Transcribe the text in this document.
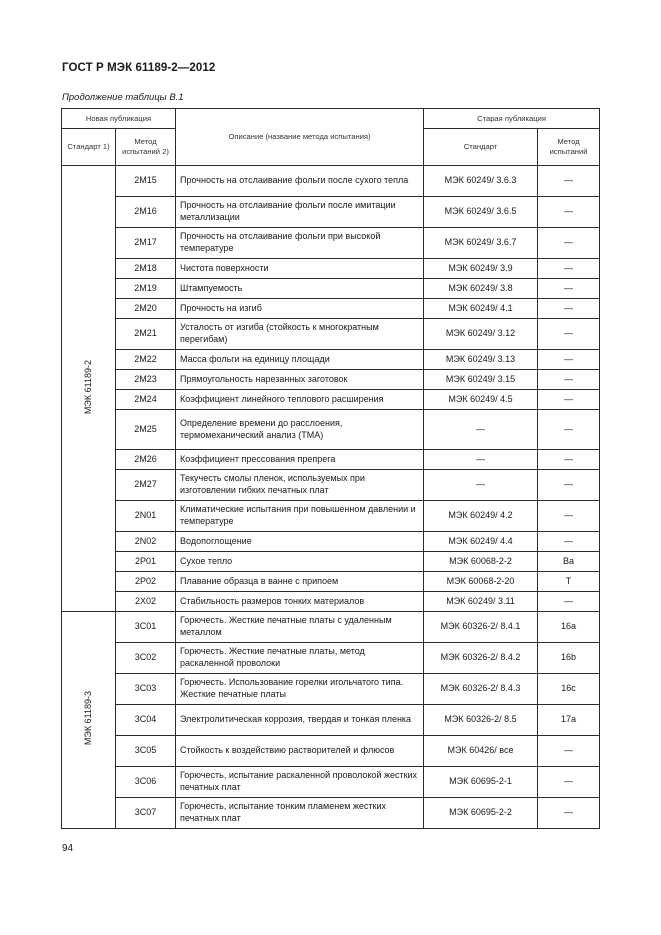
ГОСТ Р МЭК 61189-2—2012
Продолжение таблицы В.1
Новая публикация		Описание (название метода испытания)	Старая публикация	
Стандарт 1)	Метод испытаний 2)		Стандарт	Метод испытаний
МЭК 61189-2	2M15	Прочность на отслаивание фольги после сухого тепла	МЭК 60249/ 3.6.3	—
	2M16	Прочность на отслаивание фольги после имитации металлизации	МЭК 60249/ 3.6.5	—
	2M17	Прочность на отслаивание фольги при высокой температуре	МЭК 60249/ 3.6.7	—
	2M18	Чистота поверхности	МЭК 60249/ 3.9	—
	2M19	Штампуемость	МЭК 60249/ 3.8	—
	2M20	Прочность на изгиб	МЭК 60249/ 4.1	—
	2M21	Усталость от изгиба (стойкость к многократным перегибам)	МЭК 60249/ 3.12	—
	2M22	Масса фольги на единицу площади	МЭК 60249/ 3.13	—
	2M23	Прямоугольность нарезанных заготовок	МЭК 60249/ 3.15	—
	2M24	Коэффициент линейного теплового расширения	МЭК 60249/ 4.5	—
	2M25	Определение времени до расслоения, термомеханический анализ (ТМА)	—	—
	2M26	Коэффициент прессования препрега	—	—
	2M27	Текучесть смолы пленок, используемых при изготовлении гибких печатных плат	—	—
	2N01	Климатические испытания при повышенном давлении и температуре	МЭК 60249/ 4.2	—
	2N02	Водопоглощение	МЭК 60249/ 4.4	—
	2P01	Сухое тепло	МЭК 60068-2-2	Ba
	2P02	Плавание образца в ванне с припоем	МЭК 60068-2-20	T
	2X02	Стабильность размеров тонких материалов	МЭК 60249/ 3.11	—
МЭК 61189-3	3C01	Горючесть. Жесткие печатные платы с удаленным металлом	МЭК 60326-2/ 8.4.1	16a
	3C02	Горючесть. Жесткие печатные платы, метод раскаленной проволоки	МЭК 60326-2/ 8.4.2	16b
	3C03	Горючесть. Использование горелки игольчатого типа. Жесткие печатные платы	МЭК 60326-2/ 8.4.3	16c
	3C04	Электролитическая коррозия, твердая и тонкая пленка	МЭК 60326-2/ 8.5	17a
	3C05	Стойкость к воздействию растворителей и флюсов	МЭК 60426/ все	—
	3C06	Горючесть, испытание раскаленной проволокой жестких печатных плат	МЭК 60695-2-1	—
	3C07	Горючесть, испытание тонким пламенем жестких печатных плат	МЭК 60695-2-2	—
94
